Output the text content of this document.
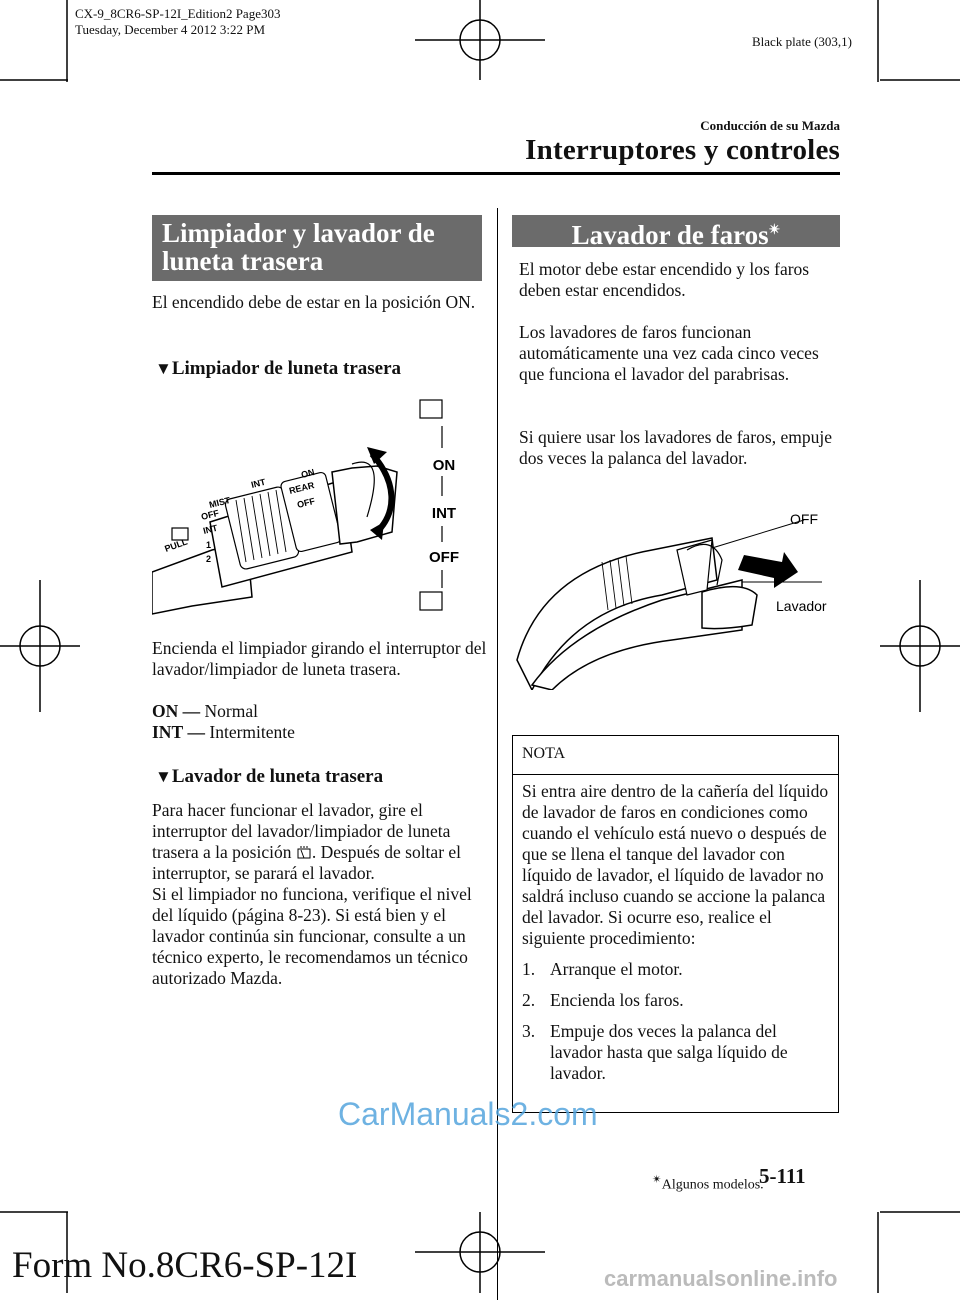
CX-9_8CR6-SP-12I_Edition2 Page303
Tuesday, December 4 2012 3:22 PM
Black plate (303,1)
Conducción de su Mazda
Interruptores y controles
Limpiador y lavador de
luneta trasera

El encendido debe de estar en la posición ON.

▼Limpiador de luneta trasera
MIST
OFF
INT
1
2
PULL
INT
ON
REAR
OFF
ON
INT
OFF

Encienda el limpiador girando el interruptor del lavador/limpiador de luneta trasera.

ON — Normal
INT — Intermitente
▼Lavador de luneta trasera
Para hacer funcionar el lavador, gire el interruptor del lavador/limpiador de luneta trasera a la posición . Después de soltar el interruptor, se parará el lavador.
Si el limpiador no funciona, verifique el nivel del líquido (página 8-23). Si está bien y el lavador continúa sin funcionar, consulte a un técnico experto, le recomendamos un técnico autorizado Mazda.
Lavador de faros✴

El motor debe estar encendido y los faros deben estar encendidos.

Los lavadores de faros funcionan automáticamente una vez cada cinco veces que funciona el lavador del parabrisas.

Si quiere usar los lavadores de faros, empuje dos veces la palanca del lavador.

OFF
Lavador
NOTA

Si entra aire dentro de la cañería del líquido de lavador de faros en condiciones como cuando el vehículo está nuevo o después de que se llena el tanque del lavador con líquido de lavador, el líquido de lavador no saldrá incluso cuando se accione la palanca del lavador. Si ocurre eso, realice el siguiente procedimiento:

1. Arranque el motor.
2. Encienda los faros.
3. Empuje dos veces la palanca del lavador hasta que salga líquido de lavador.
CarManuals2.com
✴Algunos modelos.
5-111
Form No.8CR6-SP-12I	carmanualsonline.info
